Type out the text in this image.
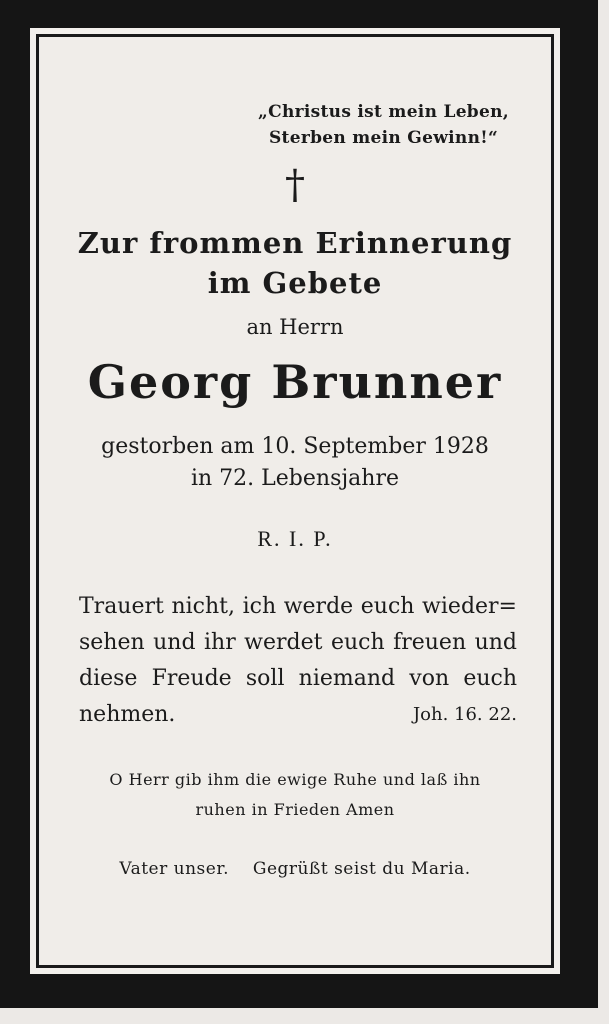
„Christus ist mein Leben,
Sterben mein Gewinn!“
†
Zur frommen Erinnerung
im Gebete
an Herrn
Georg Brunner
gestorben am 10. September 1928
in 72. Lebensjahre
R. I. P.
Trauert nicht, ich werde euch wieder=
sehen und ihr werdet euch freuen und
diese Freude soll niemand von euch
nehmen.	Joh. 16. 22.
O Herr gib ihm die ewige Ruhe und laß ihn
ruhen in Frieden Amen
Vater unser. Gegrüßt seist du Maria.
